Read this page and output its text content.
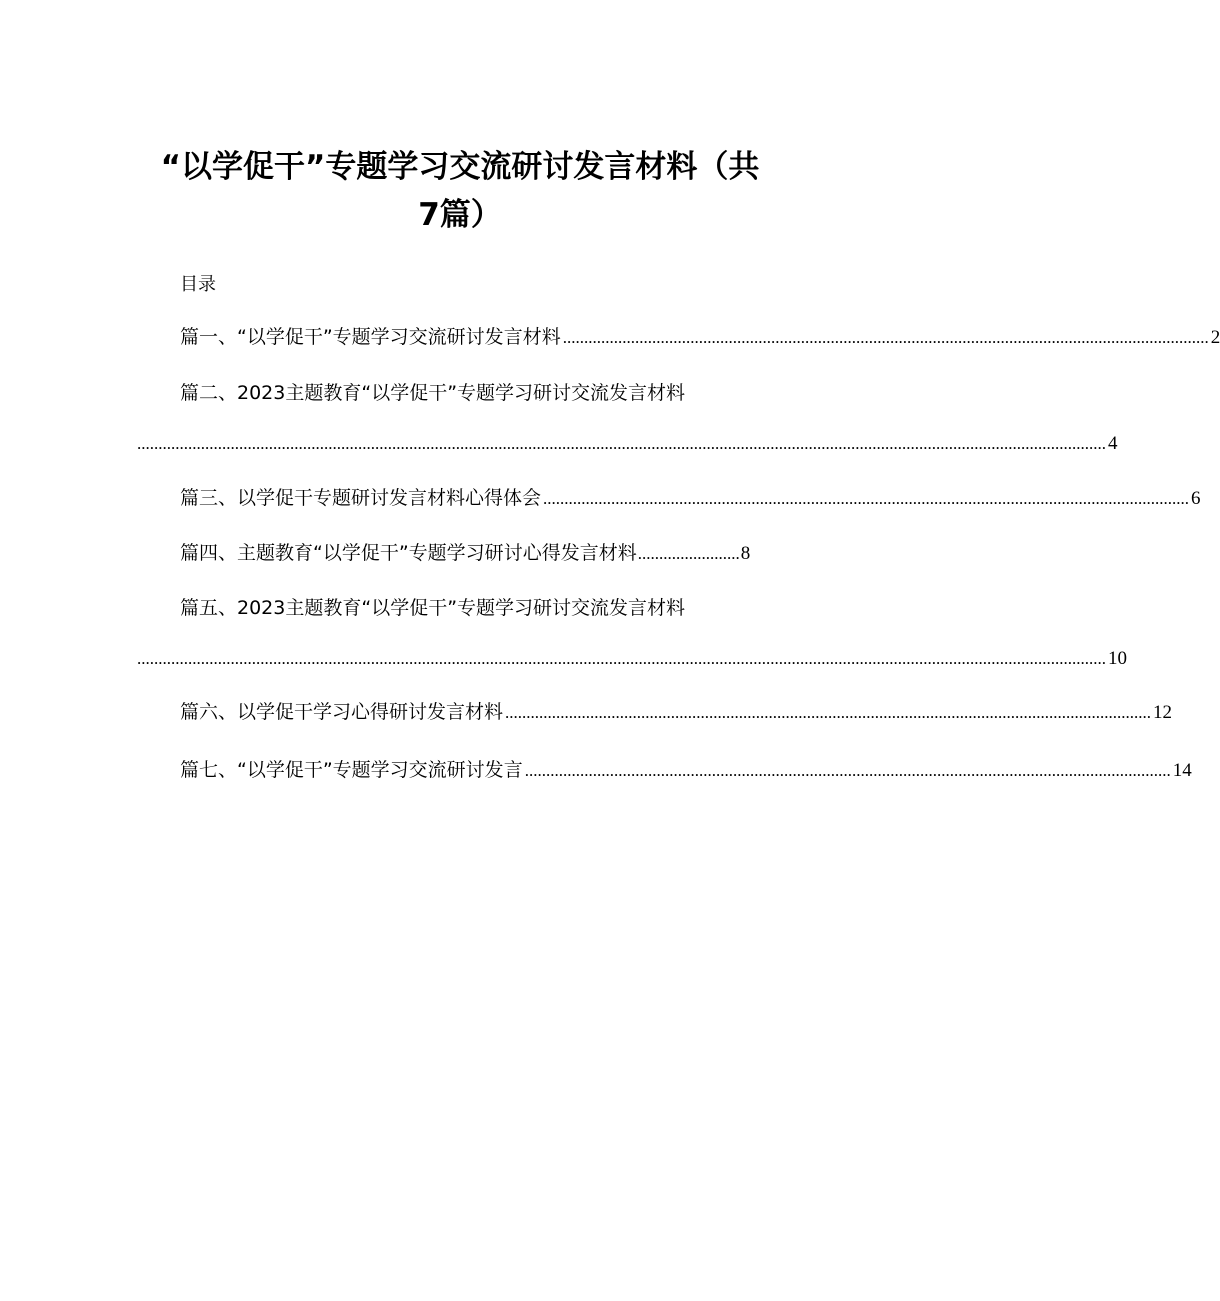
“以学促干”专题学习交流研讨发言材料（共
7篇）
目录
篇一、“以学促干”专题学习交流研讨发言材料 ........................................................................................................................................................ 2
篇二、2023主题教育“以学促干”专题学习研讨交流发言材料
.................................................................................................................................................................................................................................... 4
篇三、以学促干专题研讨发言材料心得体会 ........................................................................................................................................................ 6
篇四、主题教育“以学促干”专题学习研讨心得发言材料 ........................ 8
篇五、2023主题教育“以学促干”专题学习研讨交流发言材料
.................................................................................................................................................................................................................................... 10
篇六、以学促干学习心得研讨发言材料 ........................................................................................................................................................ 12
篇七、“以学促干”专题学习交流研讨发言 ........................................................................................................................................................ 14
